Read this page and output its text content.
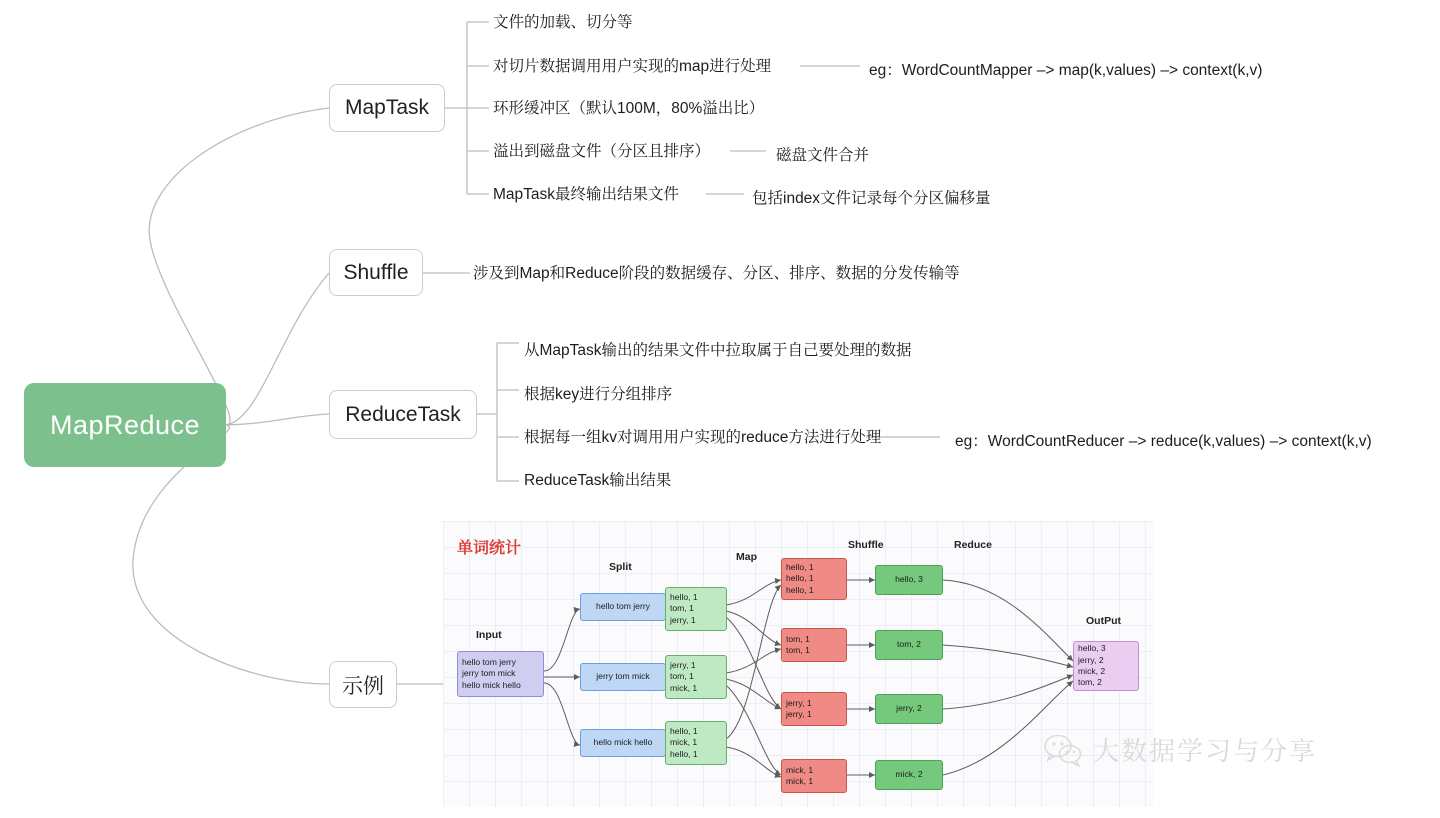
MapReduce
MapTask
Shuffle
ReduceTask
示例
文件的加载、切分等
对切片数据调用用户实现的map进行处理	eg：WordCountMapper –> map(k,values) –> context(k,v)
环形缓冲区（默认100M，80%溢出比）
溢出到磁盘文件（分区且排序）	磁盘文件合并
MapTask最终输出结果文件	包括index文件记录每个分区偏移量
涉及到Map和Reduce阶段的数据缓存、分区、排序、数据的分发传输等
从MapTask输出的结果文件中拉取属于自己要处理的数据
根据key进行分组排序
根据每一组kv对调用用户实现的reduce方法进行处理	eg：WordCountReducer –> reduce(k,values) –> context(k,v)
ReduceTask输出结果
单词统计
Input
Split
Map
Shuffle	Reduce
OutPut
hello tom jerry
jerry tom mick
hello mick hello
hello tom jerry
jerry tom mick
hello mick hello
hello, 1
tom, 1
jerry, 1
jerry, 1
tom, 1
mick, 1
hello, 1
mick, 1
hello, 1
hello, 1
hello, 1
hello, 1
tom, 1
tom, 1
jerry, 1
jerry, 1
mick, 1
mick, 1
hello, 3
tom, 2
jerry, 2
mick, 2
hello, 3
jerry, 2
mick, 2
tom, 2
大数据学习与分享
